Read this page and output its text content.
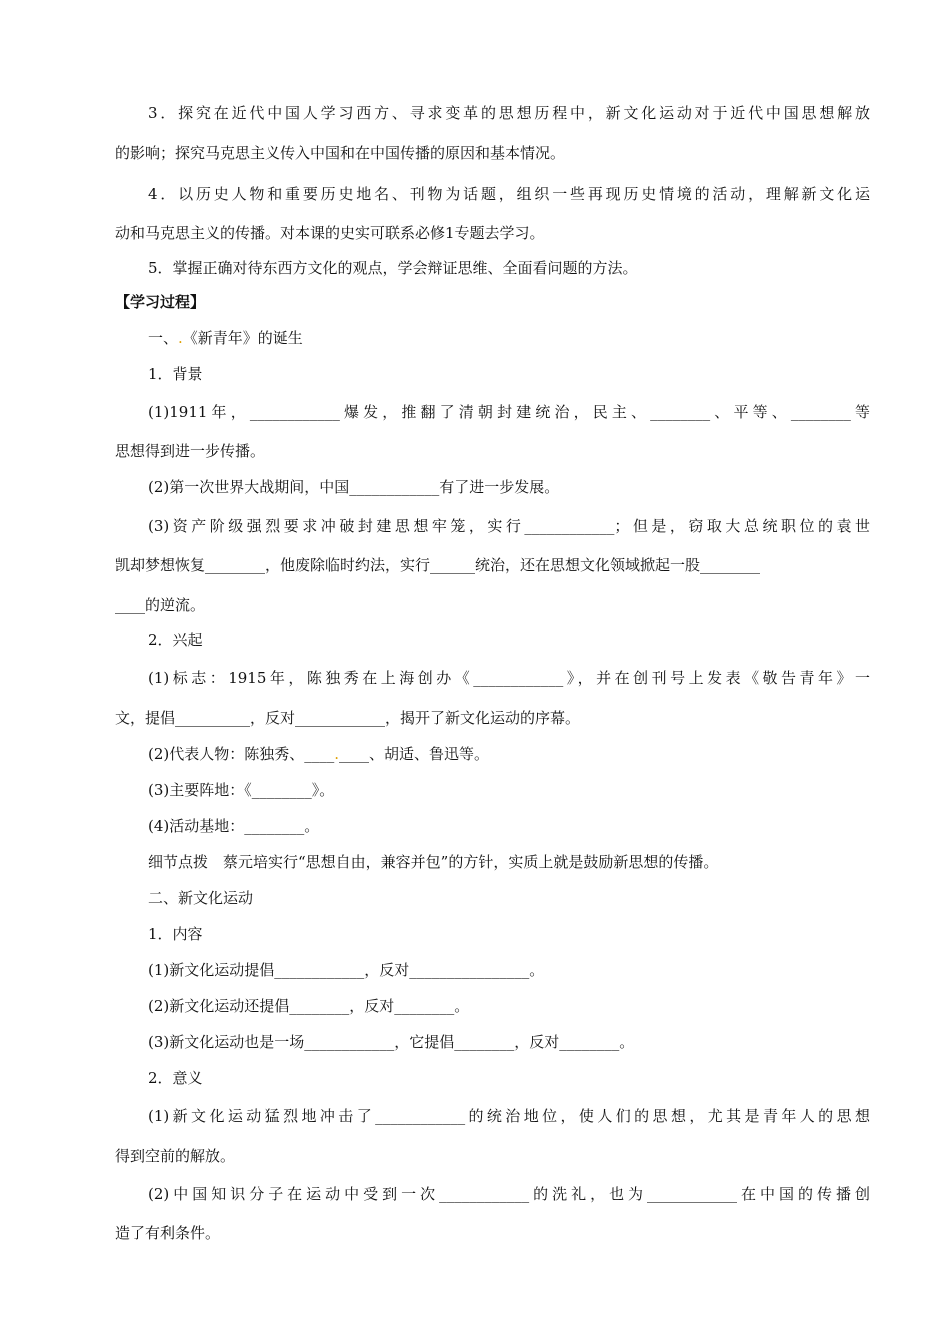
3．探究在近代中国人学习西方、寻求变革的思想历程中，新文化运动对于近代中国思想解放
的影响；探究马克思主义传入中国和在中国传播的原因和基本情况。
4．以历史人物和重要历史地名、刊物为话题，组织一些再现历史情境的活动，理解新文化运
动和马克思主义的传播。对本课的史实可联系必修1专题去学习。
5．掌握正确对待东西方文化的观点，学会辩证思维、全面看问题的方法。
【学习过程】
一、.《新青年》的诞生
1．背景
(1)1911年，____________爆发，推翻了清朝封建统治，民主、________、平等、________等
思想得到进一步传播。
(2)第一次世界大战期间，中国____________有了进一步发展。
(3)资产阶级强烈要求冲破封建思想牢笼，实行____________；但是，窃取大总统职位的袁世
凯却梦想恢复________，他废除临时约法，实行______统治，还在思想文化领域掀起一股________
____的逆流。
2．兴起
(1)标志：1915年，陈独秀在上海创办《____________》，并在创刊号上发表《敬告青年》一
文，提倡__________，反对____________，揭开了新文化运动的序幕。
(2)代表人物：陈独秀、____.____、胡适、鲁迅等。
(3)主要阵地：《________》。
(4)活动基地：________。
细节点拨　蔡元培实行“思想自由，兼容并包”的方针，实质上就是鼓励新思想的传播。
二、新文化运动
1．内容
(1)新文化运动提倡____________，反对________________。
(2)新文化运动还提倡________，反对________。
(3)新文化运动也是一场____________，它提倡________，反对________。
2．意义
(1)新文化运动猛烈地冲击了____________的统治地位，使人们的思想，尤其是青年人的思想
得到空前的解放。
(2)中国知识分子在运动中受到一次____________的洗礼，也为____________在中国的传播创
造了有利条件。
